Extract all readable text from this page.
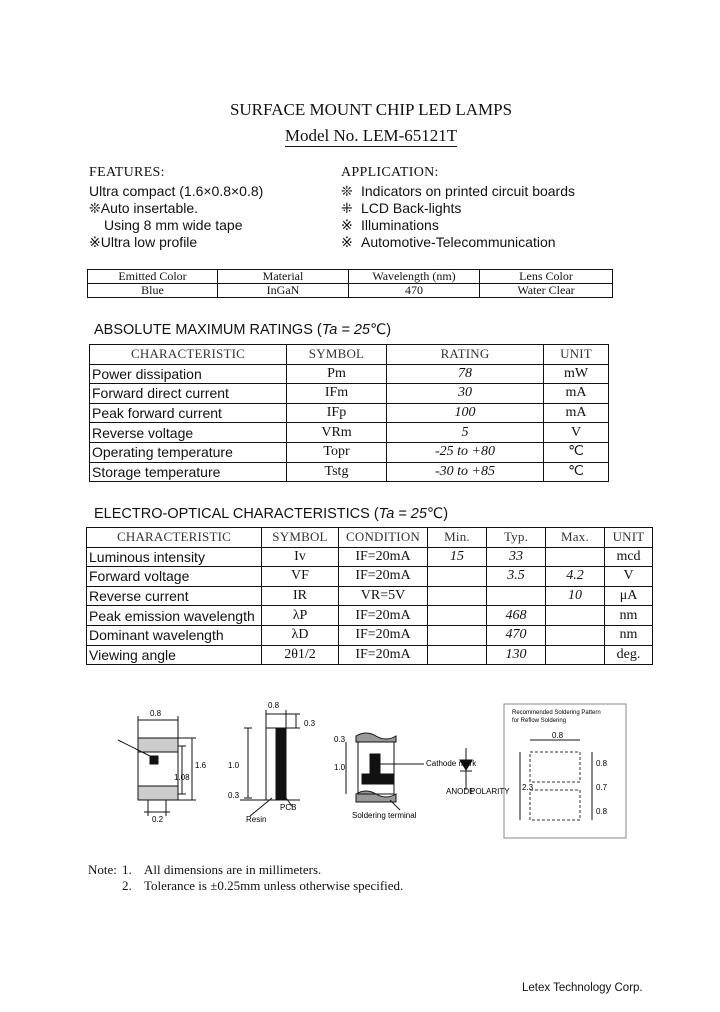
SURFACE MOUNT CHIP LED LAMPS
Model No. LEM-65121T
FEATURES:
Ultra compact (1.6×0.8×0.8)
❊Auto insertable.
Using 8 mm wide tape
※Ultra low profile
APPLICATION:
❊ Indicators on printed circuit boards
⁜ LCD Back-lights
※ Illuminations
※ Automotive-Telecommunication
Emitted Color	Material	Wavelength (nm)	Lens Color
Blue	InGaN	470	Water Clear
ABSOLUTE MAXIMUM RATINGS (Ta = 25℃)
CHARACTERISTIC	SYMBOL	RATING	UNIT
Power dissipation	Pm	78	mW
Forward direct current	IFm	30	mA
Peak forward current	IFp	100	mA
Reverse voltage	VRm	5	V
Operating temperature	Topr	-25 to +80	℃
Storage temperature	Tstg	-30 to +85	℃
ELECTRO-OPTICAL CHARACTERISTICS (Ta = 25℃)
CHARACTERISTIC	SYMBOL	CONDITION	Min.	Typ.	Max.	UNIT
Luminous intensity	Iv	IF=20mA	15	33		mcd
Forward voltage	VF	IF=20mA		3.5	4.2	V
Reverse current	IR	VR=5V			10	μA
Peak emission wavelength	λP	IF=20mA		468		nm
Dominant wavelength	λD	IF=20mA		470		nm
Viewing angle	2θ1/2	IF=20mA		130		deg.
0.8
1.6
1.08
0.2
0.8
0.3
1.0
0.3
PCB
Resin
0.3
1.0	Cathode mark
Soldering terminal
ANODE
POLARITY
Recommended Soldering Pattern
for Reflow Soldering
0.8
0.8
0.7
0.8
2.3
Note: 1. All dimensions are in millimeters.
2. Tolerance is ±0.25mm unless otherwise specified.
Letex Technology Corp.
